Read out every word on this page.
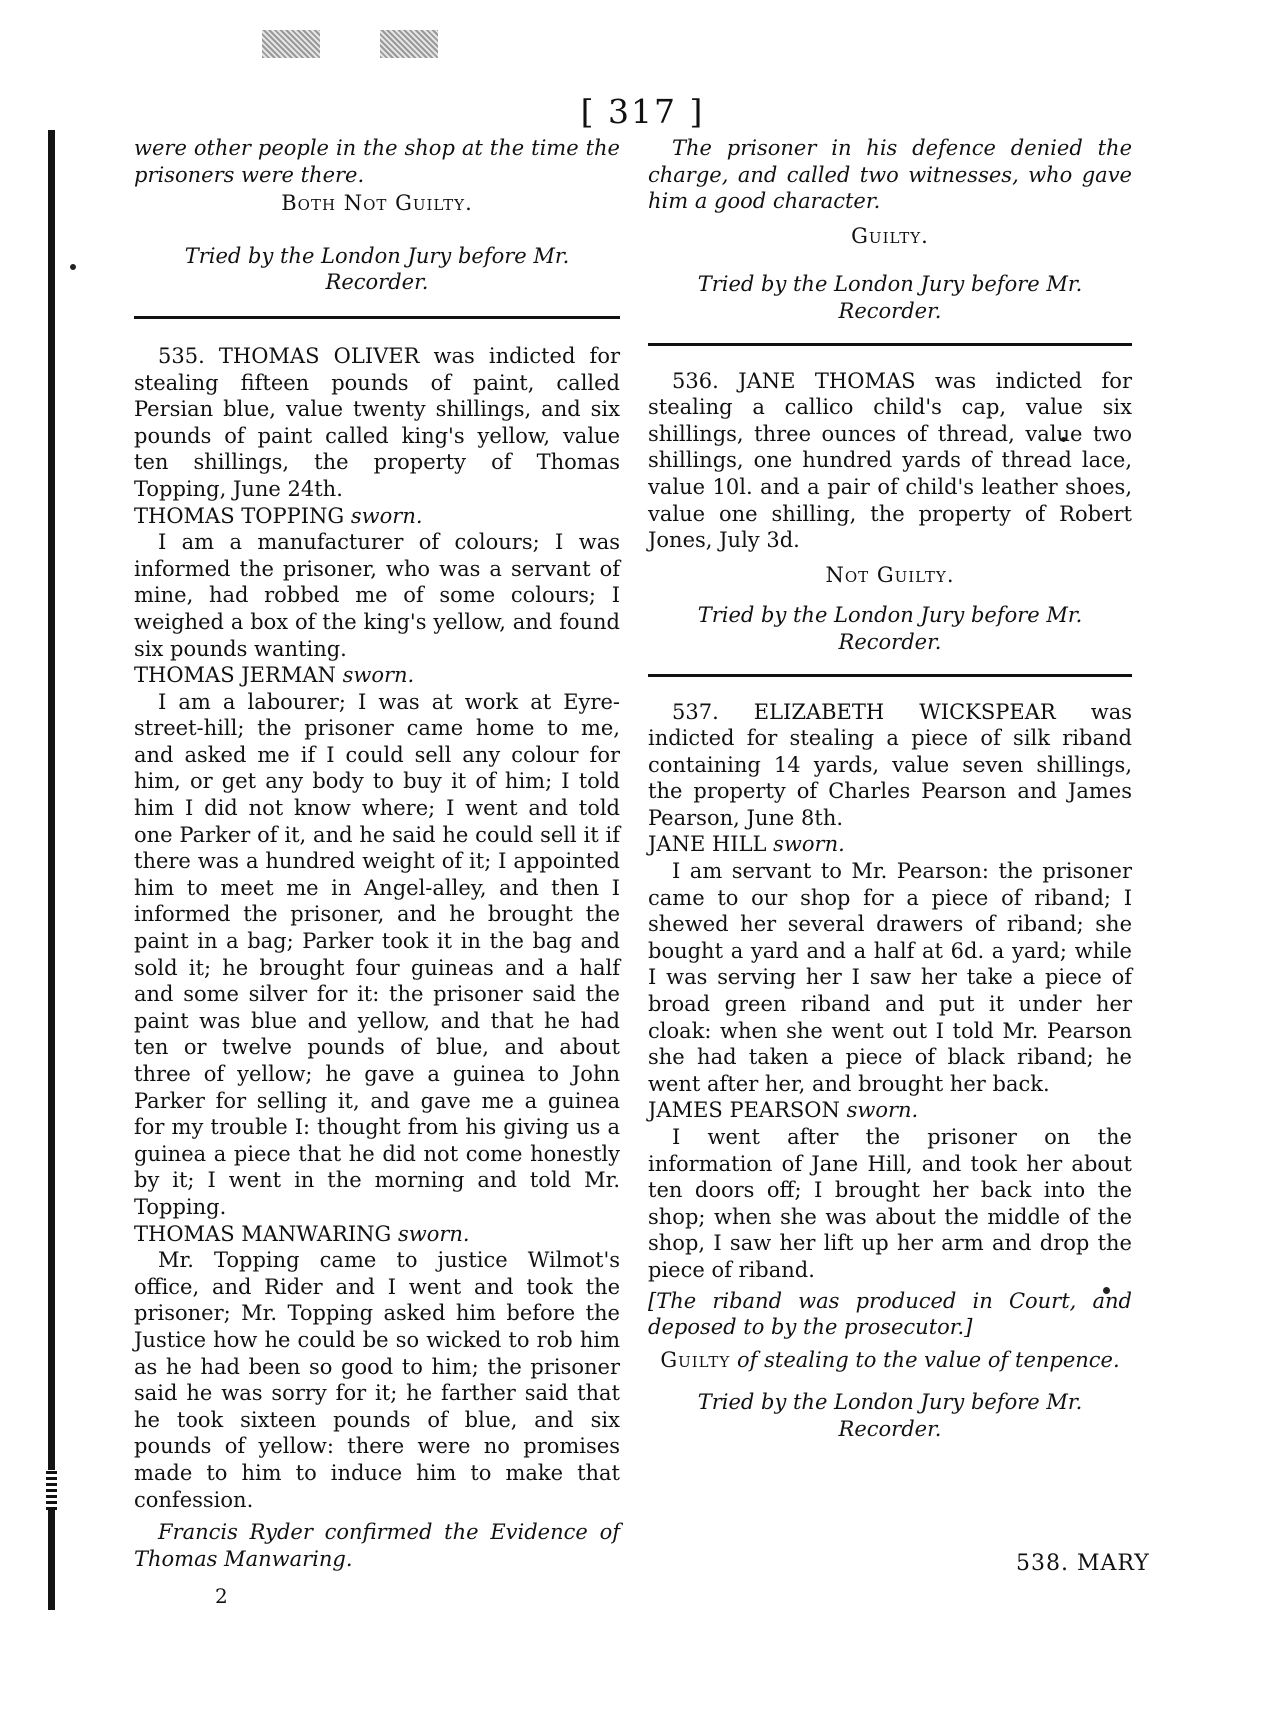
[ 317 ]

were other people in the shop at the time the prisoners were there.

Both Not Guilty.

Tried by the London Jury before Mr. Recorder.

535. THOMAS OLIVER was indicted for stealing fifteen pounds of paint, called Persian blue, value twenty shillings, and six pounds of paint called king's yellow, value ten shillings, the property of Thomas Topping, June 24th.

THOMAS TOPPING sworn.

I am a manufacturer of colours; I was informed the prisoner, who was a servant of mine, had robbed me of some colours; I weighed a box of the king's yellow, and found six pounds wanting.

THOMAS JERMAN sworn.

I am a labourer; I was at work at Eyre-street-hill; the prisoner came home to me, and asked me if I could sell any colour for him, or get any body to buy it of him; I told him I did not know where; I went and told one Parker of it, and he said he could sell it if there was a hundred weight of it; I appointed him to meet me in Angel-alley, and then I informed the prisoner, and he brought the paint in a bag; Parker took it in the bag and sold it; he brought four guineas and a half and some silver for it: the prisoner said the paint was blue and yellow, and that he had ten or twelve pounds of blue, and about three of yellow; he gave a guinea to John Parker for selling it, and gave me a guinea for my trouble I: thought from his giving us a guinea a piece that he did not come honestly by it; I went in the morning and told Mr. Topping.

THOMAS MANWARING sworn.

Mr. Topping came to justice Wilmot's office, and Rider and I went and took the prisoner; Mr. Topping asked him before the Justice how he could be so wicked to rob him as he had been so good to him; the prisoner said he was sorry for it; he farther said that he took sixteen pounds of blue, and six pounds of yellow: there were no promises made to him to induce him to make that confession.

Francis Ryder confirmed the Evidence of Thomas Manwaring.

The prisoner in his defence denied the charge, and called two witnesses, who gave him a good character.

Guilty.

Tried by the London Jury before Mr. Recorder.

536. JANE THOMAS was indicted for stealing a callico child's cap, value six shillings, three ounces of thread, value two shillings, one hundred yards of thread lace, value 10l. and a pair of child's leather shoes, value one shilling, the property of Robert Jones, July 3d.

Not Guilty.

Tried by the London Jury before Mr. Recorder.

537. ELIZABETH WICKSPEAR was indicted for stealing a piece of silk riband containing 14 yards, value seven shillings, the property of Charles Pearson and James Pearson, June 8th.

JANE HILL sworn.

I am servant to Mr. Pearson: the prisoner came to our shop for a piece of riband; I shewed her several drawers of riband; she bought a yard and a half at 6d. a yard; while I was serving her I saw her take a piece of broad green riband and put it under her cloak: when she went out I told Mr. Pearson she had taken a piece of black riband; he went after her, and brought her back.

JAMES PEARSON sworn.

I went after the prisoner on the information of Jane Hill, and took her about ten doors off; I brought her back into the shop; when she was about the middle of the shop, I saw her lift up her arm and drop the piece of riband.

[The riband was produced in Court, and deposed to by the prosecutor.]

Guilty of stealing to the value of tenpence.

Tried by the London Jury before Mr. Recorder.

2
538. MARY
